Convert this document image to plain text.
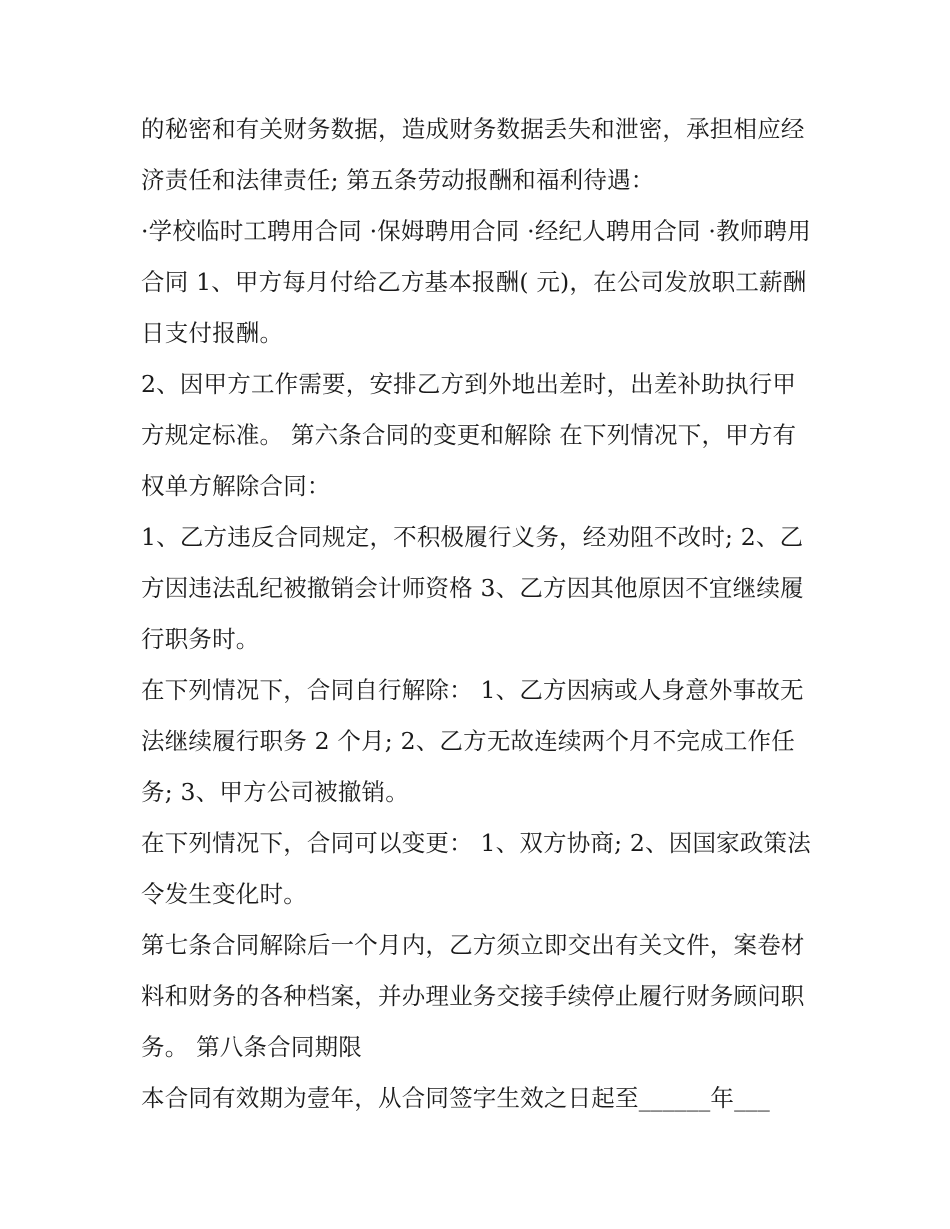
的秘密和有关财务数据，造成财务数据丢失和泄密，承担相应经济责任和法律责任; 第五条劳动报酬和福利待遇：

·学校临时工聘用合同 ·保姆聘用合同 ·经纪人聘用合同 ·教师聘用合同 1、甲方每月付给乙方基本报酬( 元)，在公司发放职工薪酬日支付报酬。

2、因甲方工作需要，安排乙方到外地出差时，出差补助执行甲方规定标准。 第六条合同的变更和解除 在下列情况下，甲方有权单方解除合同：

1、乙方违反合同规定，不积极履行义务，经劝阻不改时; 2、乙方因违法乱纪被撤销会计师资格 3、乙方因其他原因不宜继续履行职务时。

在下列情况下，合同自行解除： 1、乙方因病或人身意外事故无法继续履行职务 2 个月; 2、乙方无故连续两个月不完成工作任务; 3、甲方公司被撤销。

在下列情况下，合同可以变更： 1、双方协商; 2、因国家政策法令发生变化时。

第七条合同解除后一个月内，乙方须立即交出有关文件，案卷材料和财务的各种档案，并办理业务交接手续停止履行财务顾问职务。 第八条合同期限

本合同有效期为壹年，从合同签字生效之日起至______年___
